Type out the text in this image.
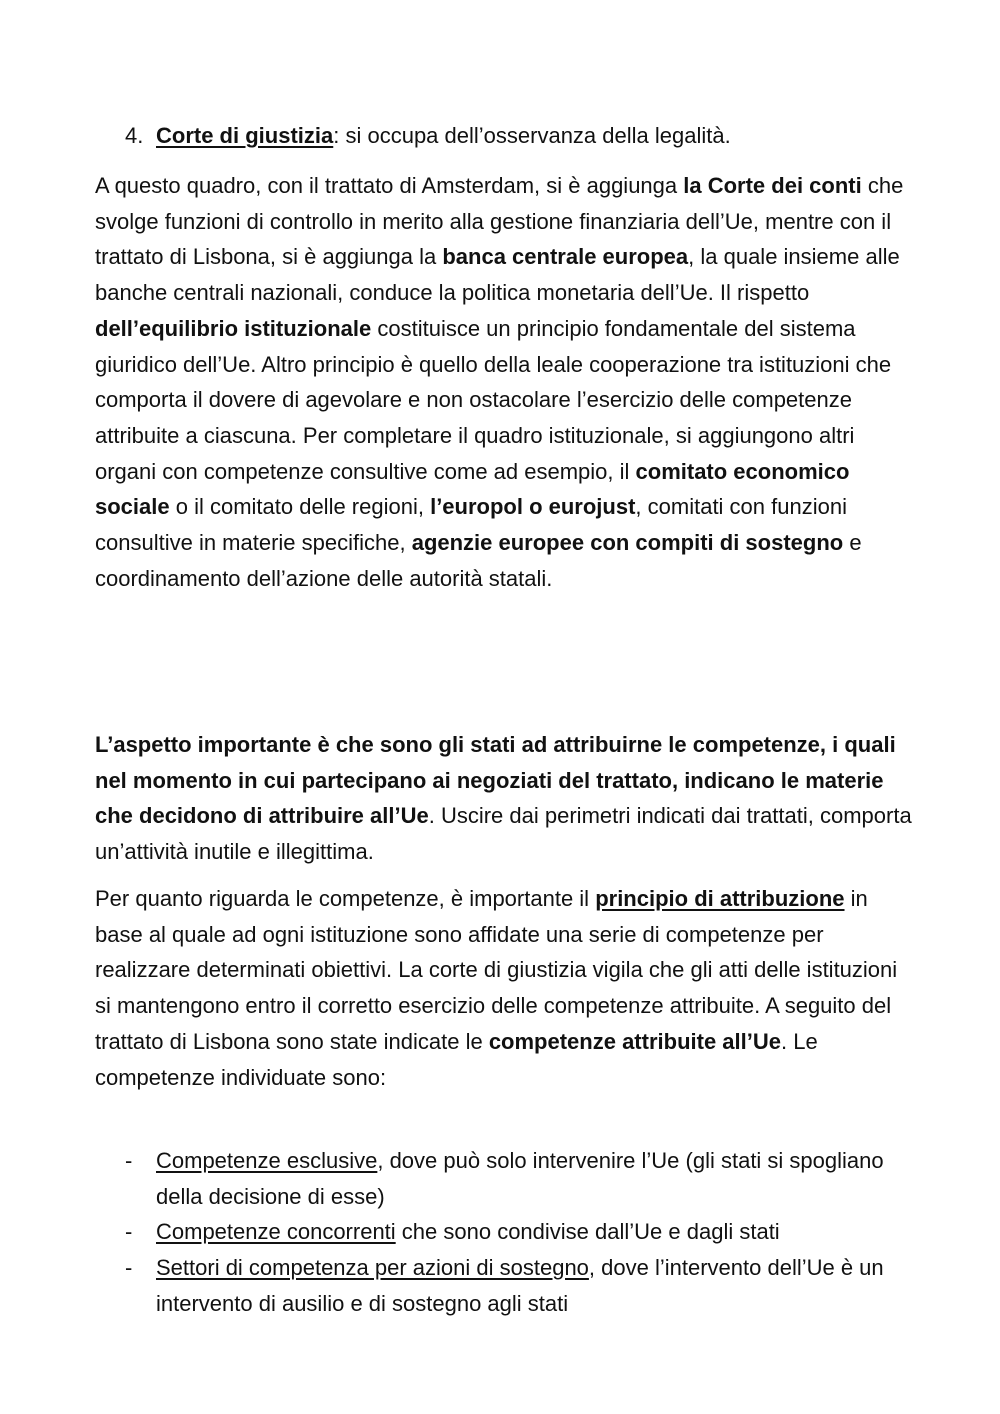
4. Corte di giustizia: si occupa dell’osservanza della legalità.

A questo quadro, con il trattato di Amsterdam, si è aggiunga la Corte dei conti che svolge funzioni di controllo in merito alla gestione finanziaria dell’Ue, mentre con il trattato di Lisbona, si è aggiunga la banca centrale europea, la quale insieme alle banche centrali nazionali, conduce la politica monetaria dell’Ue. Il rispetto dell’equilibrio istituzionale costituisce un principio fondamentale del sistema giuridico dell’Ue. Altro principio è quello della leale cooperazione tra istituzioni che comporta il dovere di agevolare e non ostacolare l’esercizio delle competenze attribuite a ciascuna. Per completare il quadro istituzionale, si aggiungono altri organi con competenze consultive come ad esempio, il comitato economico sociale o il comitato delle regioni, l’europol o eurojust, comitati con funzioni consultive in materie specifiche, agenzie europee con compiti di sostegno e coordinamento dell’azione delle autorità statali.

L’aspetto importante è che sono gli stati ad attribuirne le competenze, i quali nel momento in cui partecipano ai negoziati del trattato, indicano le materie che decidono di attribuire all’Ue. Uscire dai perimetri indicati dai trattati, comporta un’attività inutile e illegittima.

Per quanto riguarda le competenze, è importante il principio di attribuzione in base al quale ad ogni istituzione sono affidate una serie di competenze per realizzare determinati obiettivi. La corte di giustizia vigila che gli atti delle istituzioni si mantengono entro il corretto esercizio delle competenze attribuite. A seguito del trattato di Lisbona sono state indicate le competenze attribuite all’Ue. Le competenze individuate sono:

- Competenze esclusive, dove può solo intervenire l’Ue (gli stati si spogliano della decisione di esse)
- Competenze concorrenti che sono condivise dall’Ue e dagli stati
- Settori di competenza per azioni di sostegno, dove l’intervento dell’Ue è un intervento di ausilio e di sostegno agli stati
